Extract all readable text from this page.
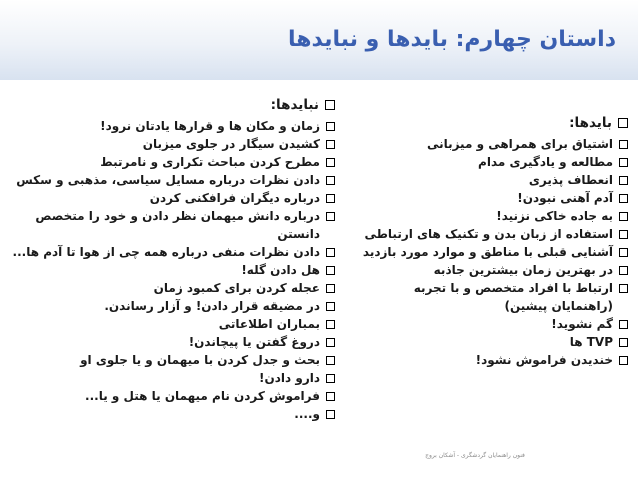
داستان چهارم: بایدها و نبایدها
بایدها:
اشتیاق برای همراهی و میزبانی
مطالعه و یادگیری مدام
انعطاف پذیری
آدم آهنی نبودن!
به جاده خاکی نزنید!
استفاده از زبان بدن و تکنیک های ارتباطی
آشنایی قبلی با مناطق و موارد مورد بازدید
در بهترین زمان بیشترین جاذبه
ارتباط با افراد متخصص و با تجربه (راهنمایان پیشین)
گم نشوید!
TVP ها
خندیدن فراموش نشود!
نبایدها:
زمان و مکان ها و قرارها یادتان نرود!
کشیدن سیگار در جلوی میزبان
مطرح کردن مباحث تکراری و نامرتبط
دادن نظرات درباره مسایل سیاسی، مذهبی و سکس
درباره دیگران فرافکنی کردن
درباره دانش میهمان نظر دادن و خود را متخصص دانستن
دادن نظرات منفی درباره همه چی از هوا تا آدم ها...
هل دادن گله!
عجله کردن برای کمبود زمان
در مضیقه قرار دادن! و آزار رساندن.
بمباران اطلاعاتی
دروغ گفتن یا پیچاندن!
بحث و جدل کردن با میهمان و یا جلوی او
دارو دادن!
فراموش کردن نام میهمان یا هتل و یا...
و....
فنون راهنمایان گردشگری - آشکان بروج
